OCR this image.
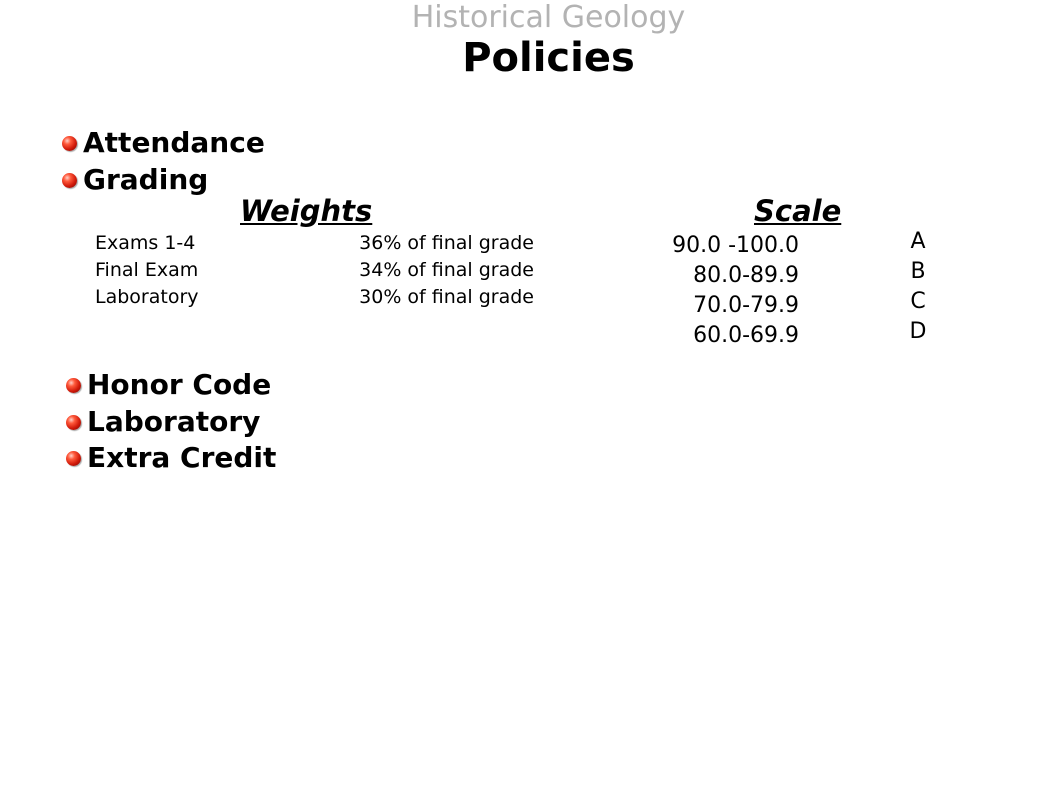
Historical Geology
Policies
Attendance
Grading
Weights
Exams 1-4
Final Exam
Laboratory
36% of final grade
34% of final grade
30% of final grade
Scale
90.0 -100.0
80.0-89.9
70.0-79.9
60.0-69.9
A
B
C
D
Honor Code
Laboratory
Extra Credit
